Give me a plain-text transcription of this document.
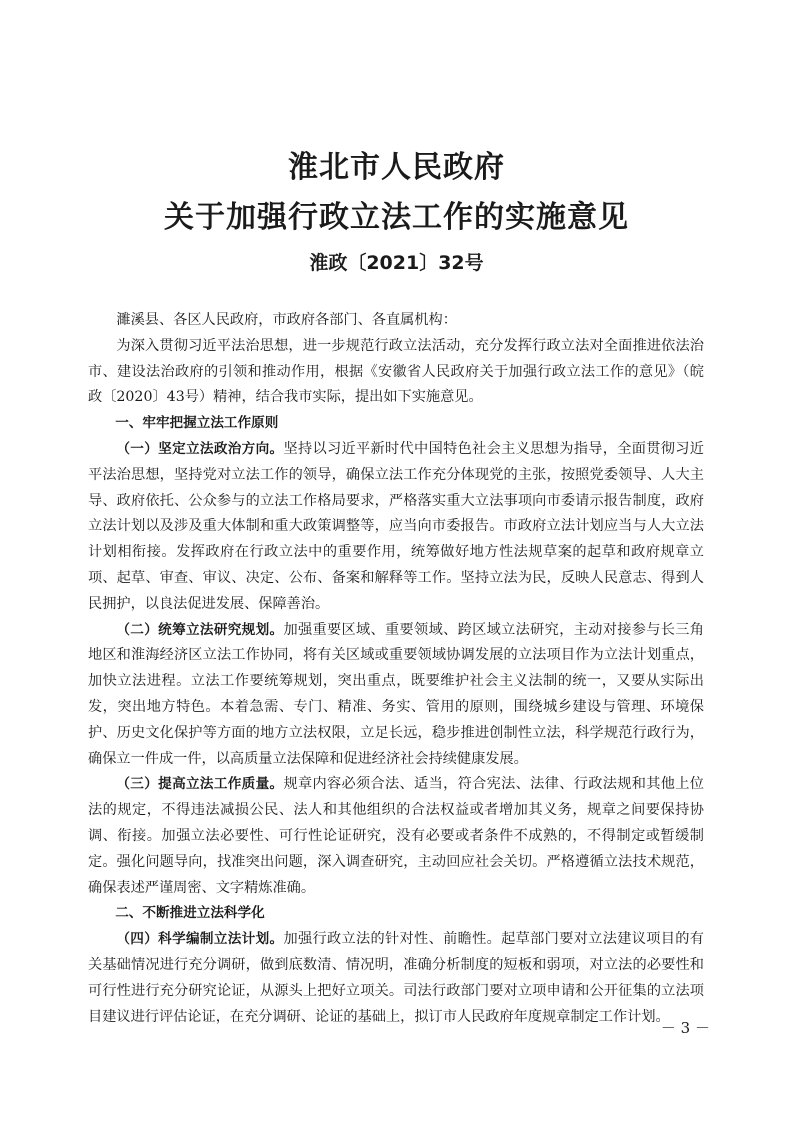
淮北市人民政府
关于加强行政立法工作的实施意见
淮政〔2021〕32号

濉溪县、各区人民政府，市政府各部门、各直属机构：

为深入贯彻习近平法治思想，进一步规范行政立法活动，充分发挥行政立法对全面推进依法治市、建设法治政府的引领和推动作用，根据《安徽省人民政府关于加强行政立法工作的意见》（皖政〔2020〕43号）精神，结合我市实际，提出如下实施意见。

一、牢牢把握立法工作原则

（一）坚定立法政治方向。坚持以习近平新时代中国特色社会主义思想为指导，全面贯彻习近平法治思想，坚持党对立法工作的领导，确保立法工作充分体现党的主张，按照党委领导、人大主导、政府依托、公众参与的立法工作格局要求，严格落实重大立法事项向市委请示报告制度，政府立法计划以及涉及重大体制和重大政策调整等，应当向市委报告。市政府立法计划应当与人大立法计划相衔接。发挥政府在行政立法中的重要作用，统筹做好地方性法规草案的起草和政府规章立项、起草、审查、审议、决定、公布、备案和解释等工作。坚持立法为民，反映人民意志、得到人民拥护，以良法促进发展、保障善治。

（二）统筹立法研究规划。加强重要区域、重要领域、跨区域立法研究，主动对接参与长三角地区和淮海经济区立法工作协同，将有关区域或重要领域协调发展的立法项目作为立法计划重点，加快立法进程。立法工作要统筹规划，突出重点，既要维护社会主义法制的统一，又要从实际出发，突出地方特色。本着急需、专门、精准、务实、管用的原则，围绕城乡建设与管理、环境保护、历史文化保护等方面的地方立法权限，立足长远，稳步推进创制性立法，科学规范行政行为，确保立一件成一件，以高质量立法保障和促进经济社会持续健康发展。

（三）提高立法工作质量。规章内容必须合法、适当，符合宪法、法律、行政法规和其他上位法的规定，不得违法减损公民、法人和其他组织的合法权益或者增加其义务，规章之间要保持协调、衔接。加强立法必要性、可行性论证研究，没有必要或者条件不成熟的，不得制定或暂缓制定。强化问题导向，找准突出问题，深入调查研究，主动回应社会关切。严格遵循立法技术规范，确保表述严谨周密、文字精炼准确。

二、不断推进立法科学化

（四）科学编制立法计划。加强行政立法的针对性、前瞻性。起草部门要对立法建议项目的有关基础情况进行充分调研，做到底数清、情况明，准确分析制度的短板和弱项，对立法的必要性和可行性进行充分研究论证，从源头上把好立项关。司法行政部门要对立项申请和公开征集的立法项目建议进行评估论证，在充分调研、论证的基础上，拟订市人民政府年度规章制定工作计划。

－ 3 －
